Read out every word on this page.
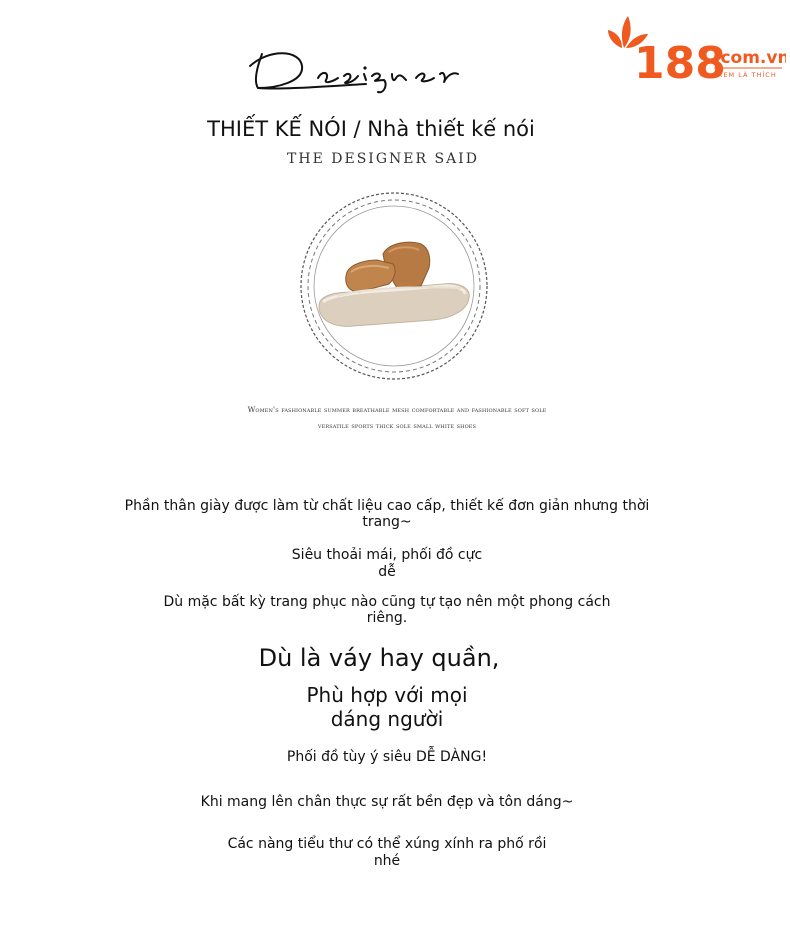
188
.com.vn
XEM LÀ THÍCH
THIẾT KẾ NÓI / Nhà thiết kế nói
THE DESIGNER SAID
Women's fashionable summer breathable mesh comfortable and fashionable soft sole
versatile sports thick sole small white shoes
Phần thân giày được làm từ chất liệu cao cấp, thiết kế đơn giản nhưng thời
trang~
Siêu thoải mái, phối đồ cực
dễ
Dù mặc bất kỳ trang phục nào cũng tự tạo nên một phong cách
riêng.
Dù là váy hay quần,
Phù hợp với mọi
dáng người
Phối đồ tùy ý siêu DỄ DÀNG!
Khi mang lên chân thực sự rất bền đẹp và tôn dáng~
Các nàng tiểu thư có thể xúng xính ra phố rồi
nhé
